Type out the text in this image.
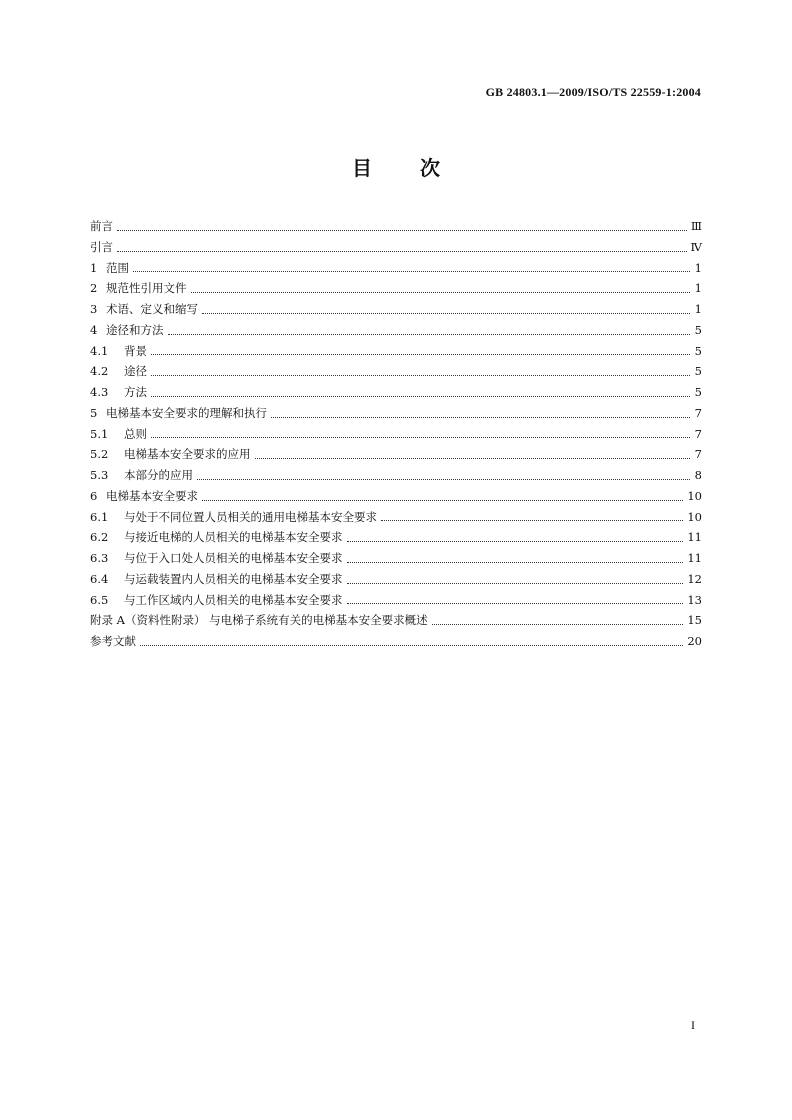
GB 24803.1—2009/ISO/TS 22559-1:2004
目 次
前言	Ⅲ
引言	Ⅳ
1 范围	1
2 规范性引用文件	1
3 术语、定义和缩写	1
4 途径和方法	5
4.1	背景	5
4.2	途径	5
4.3	方法	5
5 电梯基本安全要求的理解和执行	7
5.1	总则	7
5.2	电梯基本安全要求的应用	7
5.3	本部分的应用	8
6 电梯基本安全要求	10
6.1	与处于不同位置人员相关的通用电梯基本安全要求	10
6.2	与接近电梯的人员相关的电梯基本安全要求	11
6.3	与位于入口处人员相关的电梯基本安全要求	11
6.4	与运载装置内人员相关的电梯基本安全要求	12
6.5	与工作区域内人员相关的电梯基本安全要求	13
附录 A（资料性附录） 与电梯子系统有关的电梯基本安全要求概述	15
参考文献	20
I
